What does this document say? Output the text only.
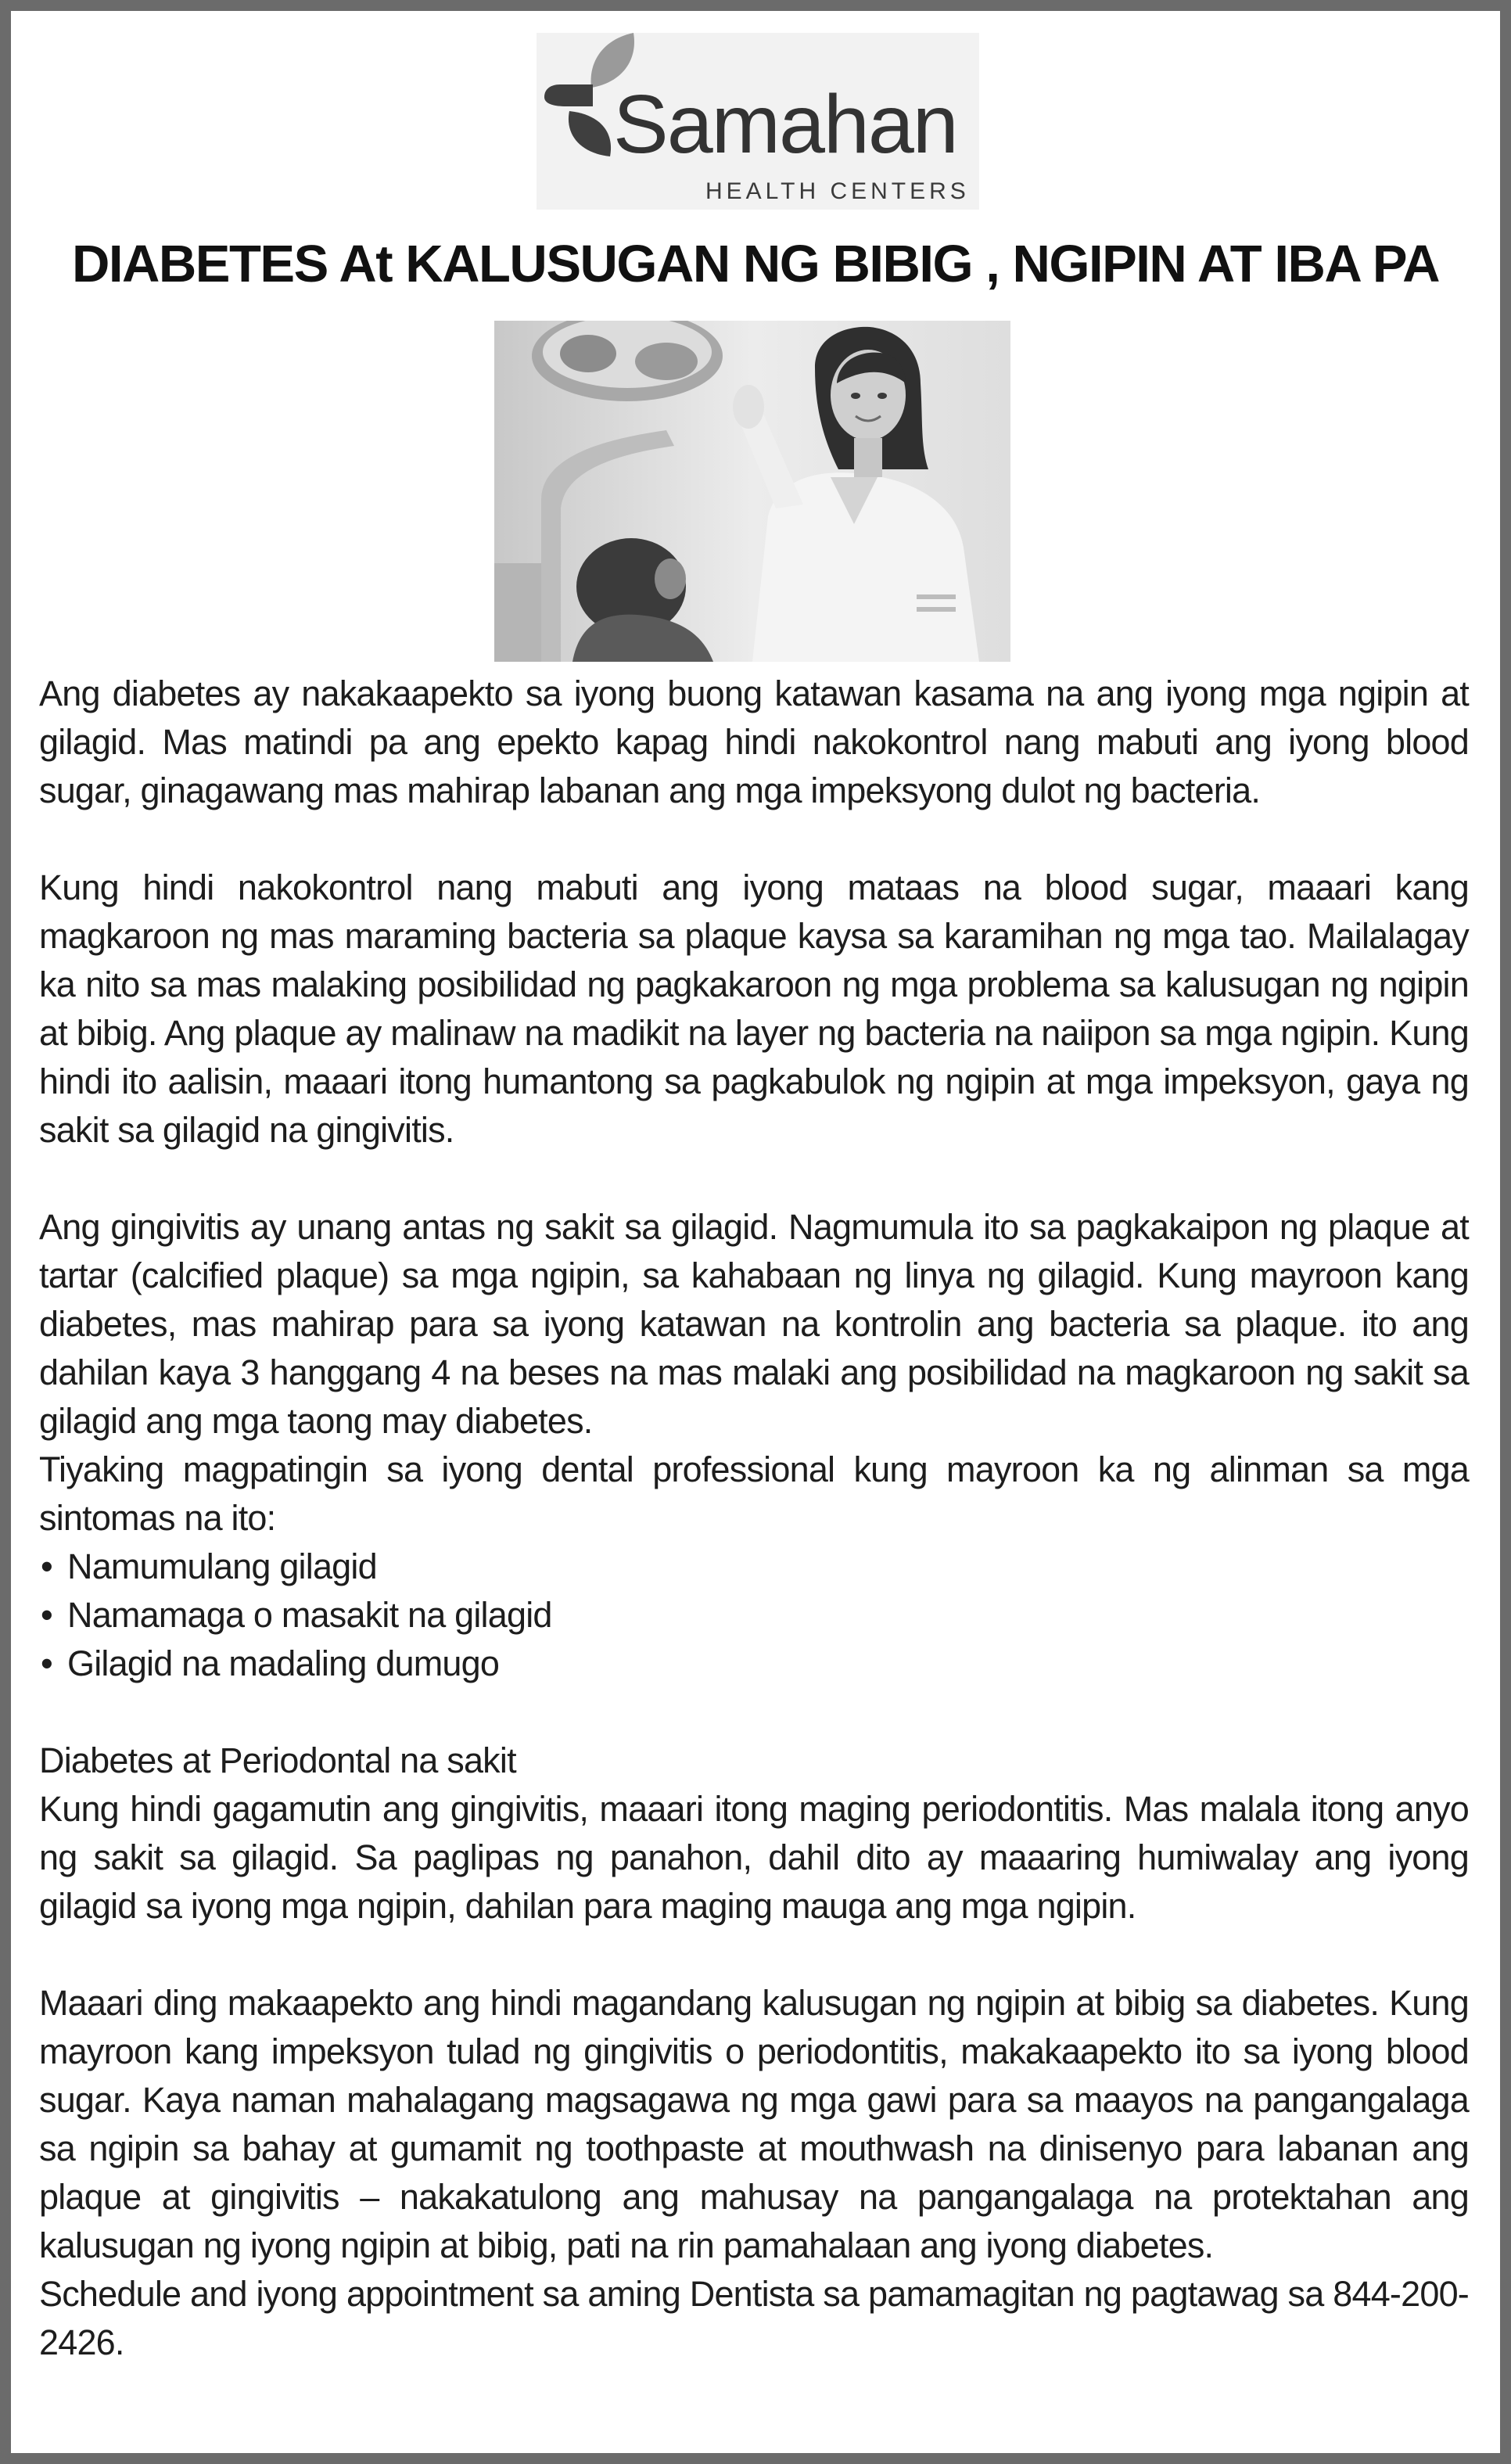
Samahan
HEALTH CENTERS
DIABETES At KALUSUGAN NG BIBIG , NGIPIN AT IBA PA

Ang diabetes ay nakakaapekto sa iyong buong katawan kasama na ang iyong mga ngipin at gilagid. Mas matindi pa ang epekto kapag hindi nakokontrol nang mabuti ang iyong blood sugar, ginagawang mas mahirap labanan ang mga impeksyong dulot ng bacteria.

Kung hindi nakokontrol nang mabuti ang iyong mataas na blood sugar, maaari kang magkaroon ng mas maraming bacteria sa plaque kaysa sa karamihan ng mga tao. Mailalagay ka nito sa mas malaking posibilidad ng pagkakaroon ng mga problema sa kalusugan ng ngipin at bibig. Ang plaque ay malinaw na madikit na layer ng bacteria na naiipon sa mga ngipin. Kung hindi ito aalisin, maaari itong humantong sa pagkabulok ng ngipin at mga impeksyon, gaya ng sakit sa gilagid na gingivitis.

Ang gingivitis ay unang antas ng sakit sa gilagid. Nagmumula ito sa pagkakaipon ng plaque at tartar (calcified plaque) sa mga ngipin, sa kahabaan ng linya ng gilagid. Kung mayroon kang diabetes, mas mahirap para sa iyong katawan na kontrolin ang bacteria sa plaque. ito ang dahilan kaya 3 hanggang 4 na beses na mas malaki ang posibilidad na magkaroon ng sakit sa gilagid ang mga taong may diabetes.

Tiyaking magpatingin sa iyong dental professional kung mayroon ka ng alinman sa mga sintomas na ito:

• Namumulang gilagid
• Namamaga o masakit na gilagid
• Gilagid na madaling dumugo

Diabetes at Periodontal na sakit

Kung hindi gagamutin ang gingivitis, maaari itong maging periodontitis. Mas malala itong anyo ng sakit sa gilagid. Sa paglipas ng panahon, dahil dito ay maaaring humiwalay ang iyong gilagid sa iyong mga ngipin, dahilan para maging mauga ang mga ngipin.

Maaari ding makaapekto ang hindi magandang kalusugan ng ngipin at bibig sa diabetes. Kung mayroon kang impeksyon tulad ng gingivitis o periodontitis, makakaapekto ito sa iyong blood sugar. Kaya naman mahalagang magsagawa ng mga gawi para sa maayos na pangangalaga sa ngipin sa bahay at gumamit ng toothpaste at mouthwash na dinisenyo para labanan ang plaque at gingivitis – nakakatulong ang mahusay na pangangalaga na protektahan ang kalusugan ng iyong ngipin at bibig, pati na rin pamahalaan ang iyong diabetes.

Schedule and iyong appointment sa aming Dentista sa pamamagitan ng pagtawag sa 844-200-2426.
